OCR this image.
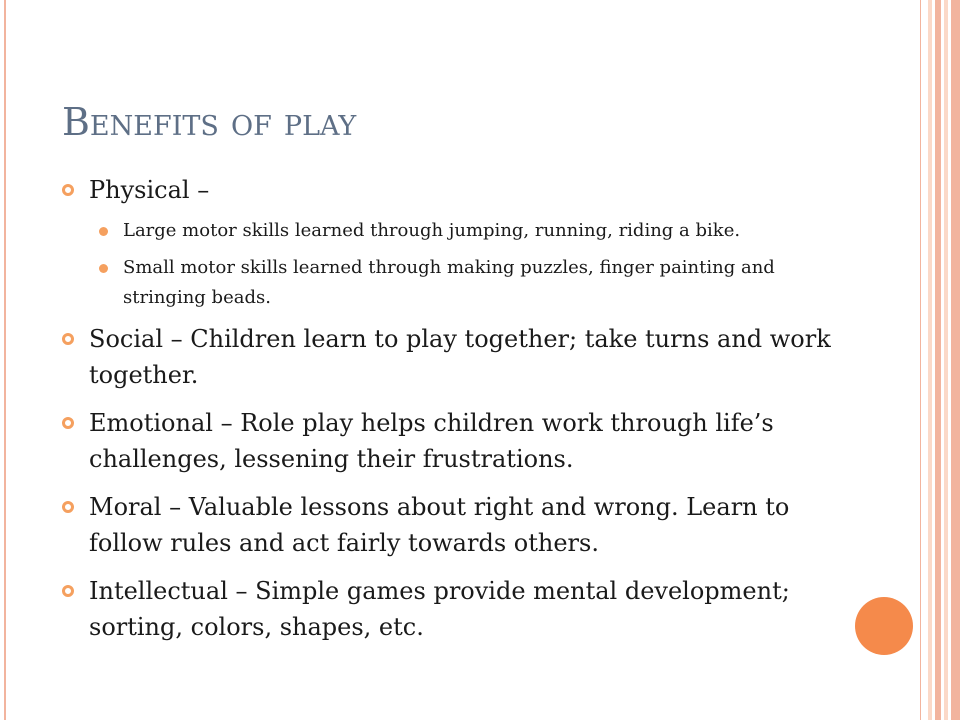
Benefits of play
Physical –
Large motor skills learned through jumping, running, riding a bike.
Small motor skills learned through making puzzles, finger painting and stringing beads.
Social – Children learn to play together; take turns and work together.
Emotional – Role play helps children work through life’s challenges, lessening their frustrations.
Moral – Valuable lessons about right and wrong. Learn to follow rules and act fairly towards others.
Intellectual – Simple games provide mental development; sorting, colors, shapes, etc.
